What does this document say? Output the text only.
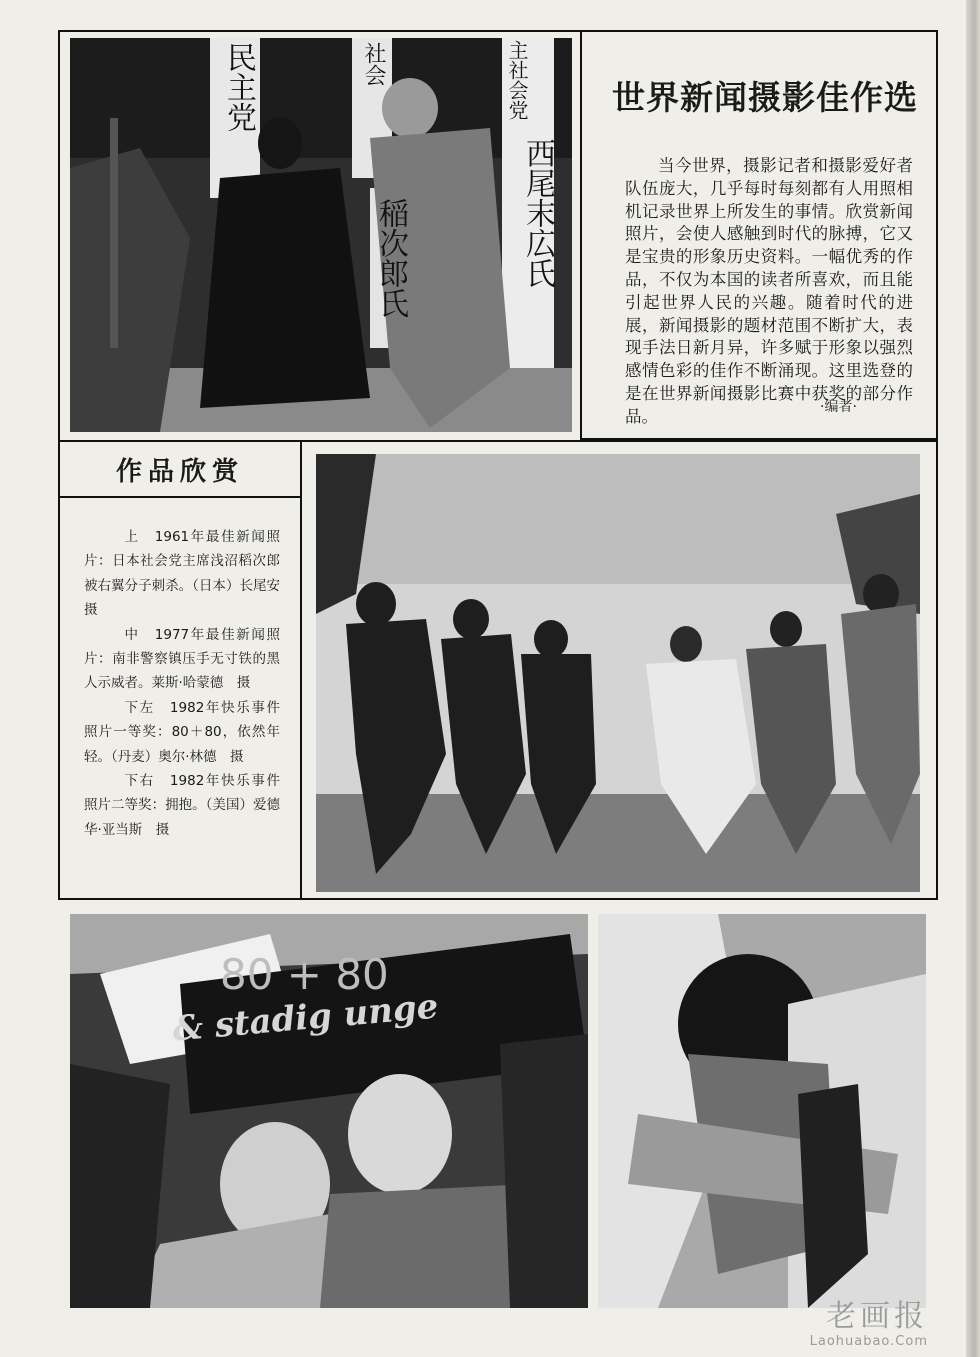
民主党	社会
稲次郎氏
主社会党
西尾末広氏
世界新闻摄影佳作选
当今世界，摄影记者和摄影爱好者队伍庞大，几乎每时每刻都有人用照相机记录世界上所发生的事情。欣赏新闻照片，会使人感触到时代的脉搏，它又是宝贵的形象历史资料。一幅优秀的作品，不仅为本国的读者所喜欢，而且能引起世界人民的兴趣。随着时代的进展，新闻摄影的题材范围不断扩大，表现手法日新月异，许多赋于形象以强烈感情色彩的佳作不断涌现。这里选登的是在世界新闻摄影比赛中获奖的部分作品。	·编者·
作品欣赏

上　1961年最佳新闻照片：日本社会党主席浅沼稻次郎被右翼分子刺杀。（日本）长尾安　摄

中　1977年最佳新闻照片：南非警察镇压手无寸铁的黑人示威者。莱斯·哈蒙德　摄

下左　1982年快乐事件照片一等奖：80＋80，依然年轻。（丹麦）奥尔·林德　摄

下右　1982年快乐事件照片二等奖：拥抱。（美国）爱德华·亚当斯　摄

80 + 80
& stadig unge
老画报
Laohuabao.Com
